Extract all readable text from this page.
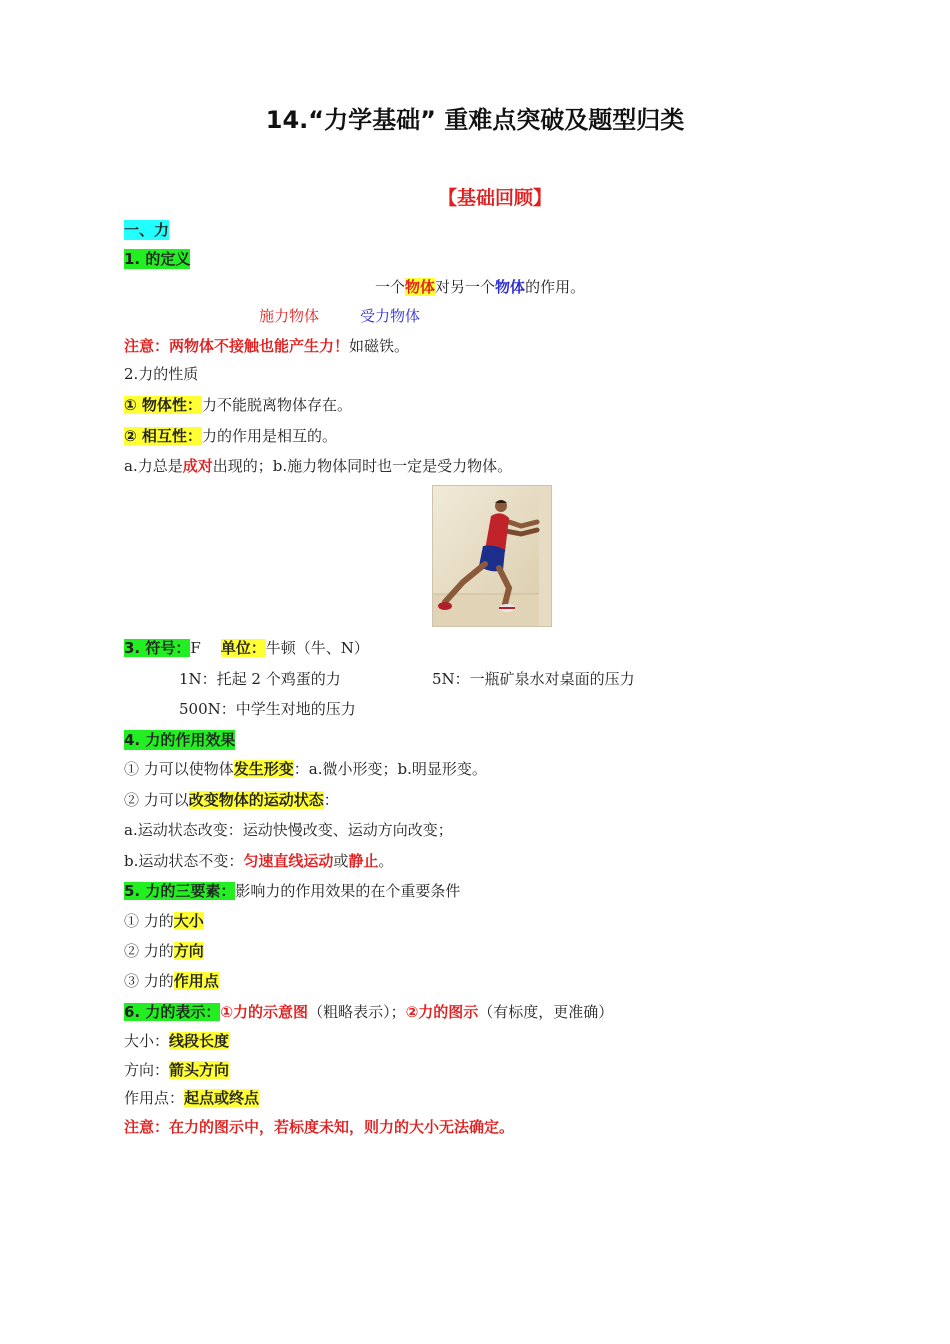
14.“力学基础” 重难点突破及题型归类
【基础回顾】
一、力
1. 的定义
一个物体对另一个物体的作用。
施力物体	受力物体
注意：两物体不接触也能产生力！如磁铁。
2.力的性质
① 物体性：力不能脱离物体存在。
② 相互性：力的作用是相互的。
a.力总是成对出现的；b.施力物体同时也一定是受力物体。
3. 符号：F 单位：牛顿（牛、N）
1N：托起 2 个鸡蛋的力	5N：一瓶矿泉水对桌面的压力
500N：中学生对地的压力
4. 力的作用效果
① 力可以使物体发生形变：a.微小形变；b.明显形变。
② 力可以改变物体的运动状态：
a.运动状态改变：运动快慢改变、运动方向改变；
b.运动状态不变：匀速直线运动或静止。
5. 力的三要素：影响力的作用效果的在个重要条件
① 力的大小
② 力的方向
③ 力的作用点
6. 力的表示：①力的示意图（粗略表示）；②力的图示（有标度，更准确）
大小：线段长度
方向：箭头方向
作用点：起点或终点
注意：在力的图示中，若标度未知，则力的大小无法确定。
